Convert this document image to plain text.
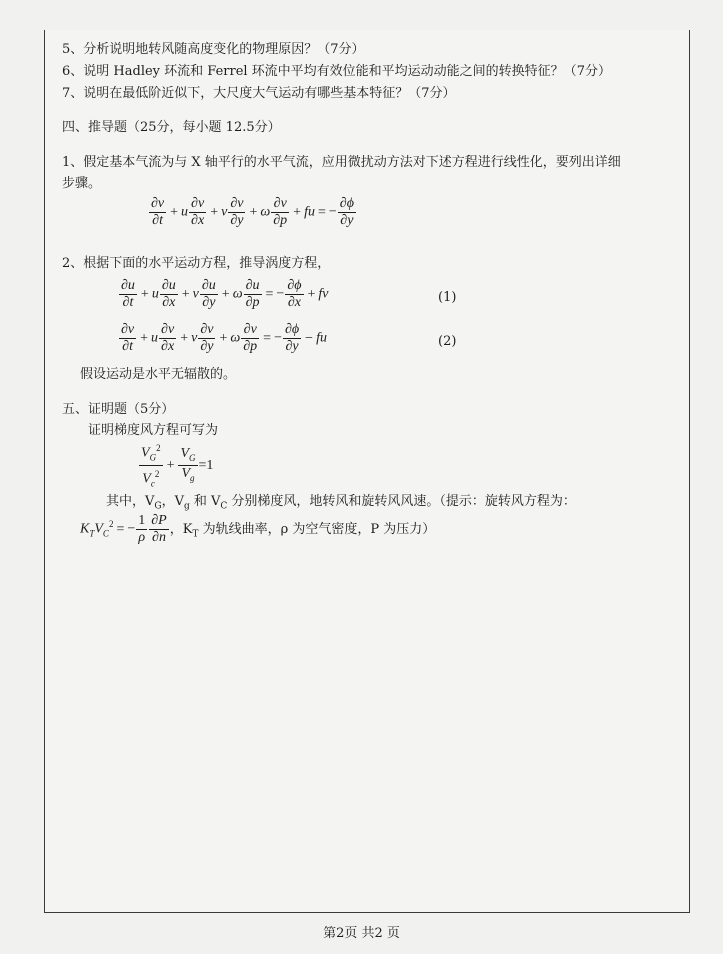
5、分析说明地转风随高度变化的物理原因？（7分）
6、说明 Hadley 环流和 Ferrel 环流中平均有效位能和平均运动动能之间的转换特征？（7分）
7、说明在最低阶近似下，大尺度大气运动有哪些基本特征？（7分）
四、推导题（25分，每小题 12.5分）
1、假定基本气流为与 X 轴平行的水平气流，应用微扰动方法对下述方程进行线性化，要列出详细
步骤。
$\frac{\partial v}{\partial t} + u \frac{\partial v}{\partial x} + v \frac{\partial v}{\partial y} + \omega \frac{\partial v}{\partial p}$ + fu = − $\frac{\partial\phi}{\partial y}$
2、根据下面的水平运动方程，推导涡度方程，
$\frac{\partial u}{\partial t} + u \frac{\partial u}{\partial x} + v \frac{\partial u}{\partial y} + \omega \frac{\partial u}{\partial p}$ = − $\frac{\partial\phi}{\partial x}$ + fv	(1)
$\frac{\partial v}{\partial t} + u \frac{\partial v}{\partial x} + v \frac{\partial v}{\partial y} + \omega \frac{\partial v}{\partial p}$ = − $\frac{\partial\phi}{\partial y}$ − fu	(2)
假设运动是水平无辐散的。
五、证明题（5分）
证明梯度风方程可写为
$\frac{V_G^2}{V_c^2} + \frac{V_G}{V_g} =1$
其中，$V_G$，$V_g$ 和 $V_C$ 分别梯度风，地转风和旋转风风速。（提示：旋转风方程为：
$K_TV_C^2$ = − $\frac{1}{\rho} \frac{\partial P}{\partial n}$ ，$K_T$ 为轨线曲率，ρ 为空气密度，P 为压力）
第2页 共2 页
